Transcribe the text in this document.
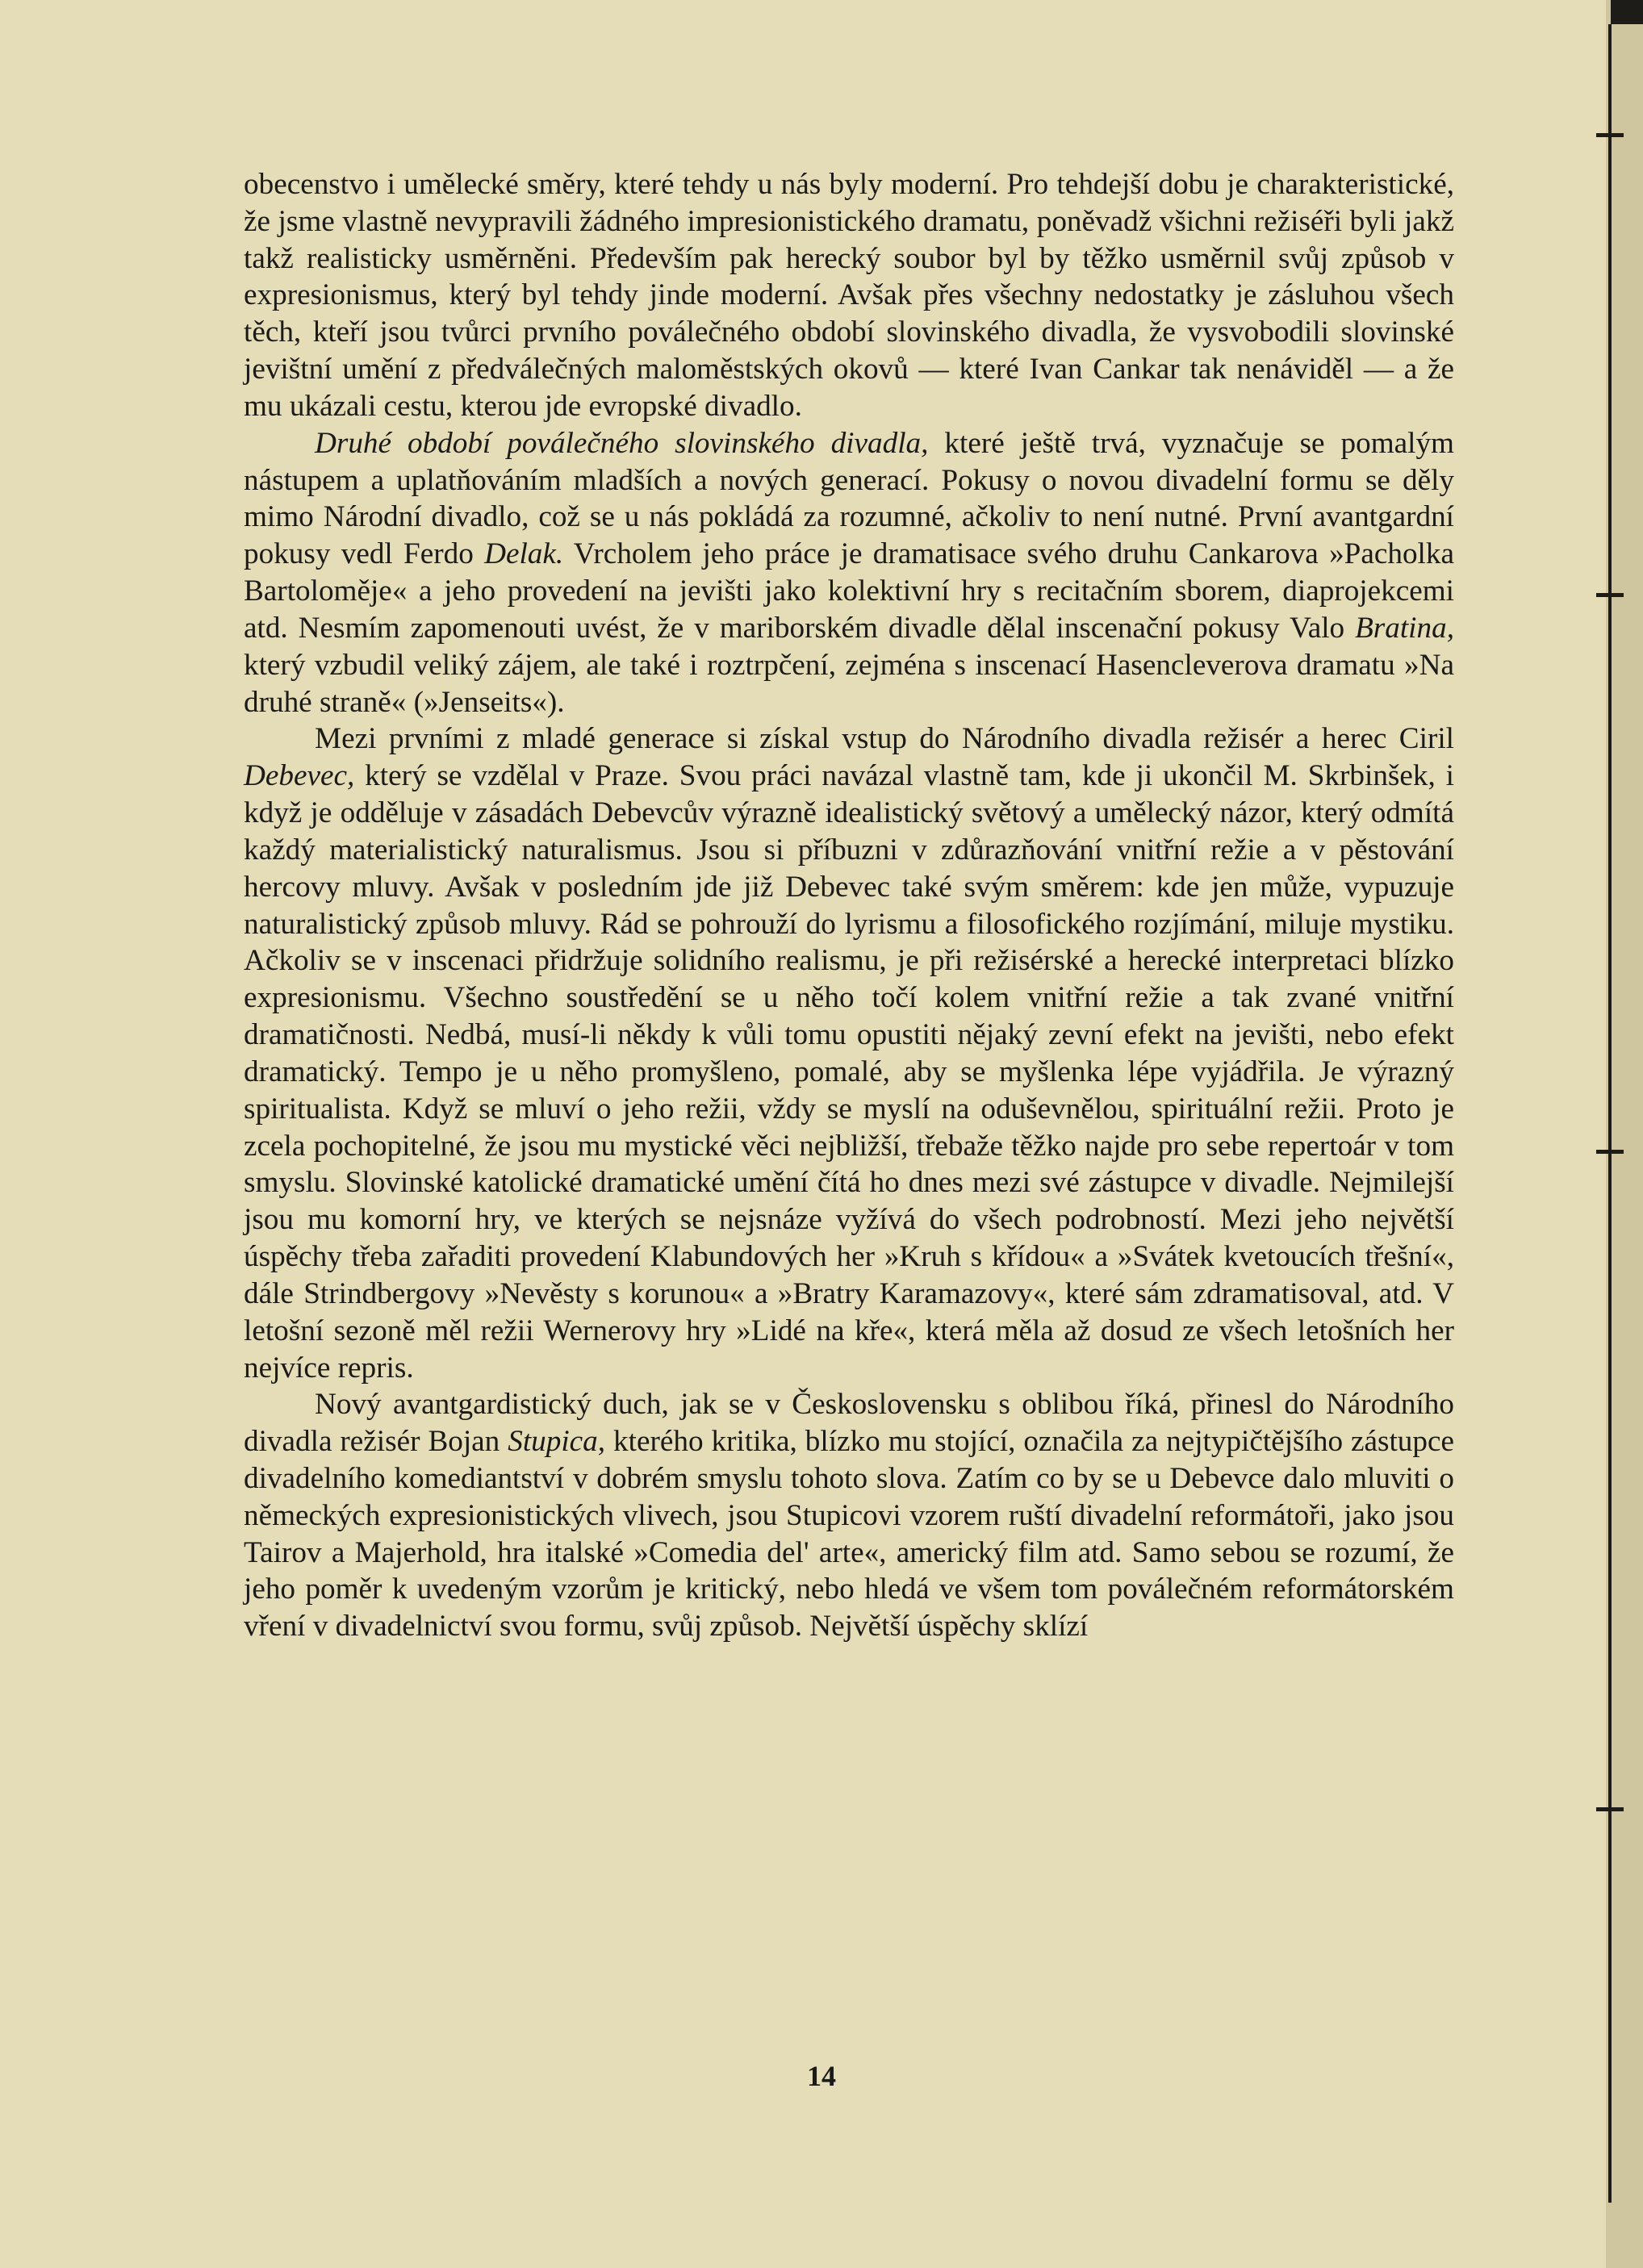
obecenstvo i umělecké směry, které tehdy u nás byly moderní. Pro tehdejší dobu je charakteristické, že jsme vlastně nevypravili žádného impresionistického dramatu, poněvadž všichni režiséři byli jakž takž realisticky usměrněni. Především pak herecký soubor byl by těžko usměrnil svůj způsob v expresionismus, který byl tehdy jinde moderní. Avšak přes všechny nedostatky je zásluhou všech těch, kteří jsou tvůrci prvního poválečného období slovinského divadla, že vysvobodili slovinské jevištní umění z předválečných maloměstských okovů — které Ivan Cankar tak nenáviděl — a že mu ukázali cestu, kterou jde evropské divadlo.

Druhé období poválečného slovinského divadla, které ještě trvá, vyznačuje se pomalým nástupem a uplatňováním mladších a nových generací. Pokusy o novou divadelní formu se děly mimo Národní divadlo, což se u nás pokládá za rozumné, ačkoliv to není nutné. První avantgardní pokusy vedl Ferdo Delak. Vrcholem jeho práce je dramatisace svého druhu Cankarova »Pacholka Bartoloměje« a jeho provedení na jevišti jako kolektivní hry s recitačním sborem, diaprojekcemi atd. Nesmím zapomenouti uvést, že v mariborském divadle dělal inscenační pokusy Valo Bratina, který vzbudil veliký zájem, ale také i roztrpčení, zejména s inscenací Hasencleverova dramatu »Na druhé straně« (»Jenseits«).

Mezi prvními z mladé generace si získal vstup do Národního divadla režisér a herec Ciril Debevec, který se vzdělal v Praze. Svou práci navázal vlastně tam, kde ji ukončil M. Skrbinšek, i když je odděluje v zásadách Debevcův výrazně idealistický světový a umělecký názor, který odmítá každý materialistický naturalismus. Jsou si příbuzni v zdůrazňování vnitřní režie a v pěstování hercovy mluvy. Avšak v posledním jde již Debevec také svým směrem: kde jen může, vypuzuje naturalistický způsob mluvy. Rád se pohrouží do lyrismu a filosofického rozjímání, miluje mystiku. Ačkoliv se v inscenaci přidržuje solidního realismu, je při režisérské a herecké interpretaci blízko expresionismu. Všechno soustředění se u něho točí kolem vnitřní režie a tak zvané vnitřní dramatičnosti. Nedbá, musí-li někdy k vůli tomu opustiti nějaký zevní efekt na jevišti, nebo efekt dramatický. Tempo je u něho promyšleno, pomalé, aby se myšlenka lépe vyjádřila. Je výrazný spiritualista. Když se mluví o jeho režii, vždy se myslí na oduševnělou, spirituální režii. Proto je zcela pochopitelné, že jsou mu mystické věci nejbližší, třebaže těžko najde pro sebe repertoár v tom smyslu. Slovinské katolické dramatické umění čítá ho dnes mezi své zástupce v divadle. Nejmilejší jsou mu komorní hry, ve kterých se nejsnáze vyžívá do všech podrobností. Mezi jeho největší úspěchy třeba zařaditi provedení Klabundových her »Kruh s křídou« a »Svátek kvetoucích třešní«, dále Strindbergovy »Nevěsty s korunou« a »Bratry Karamazovy«, které sám zdramatisoval, atd. V letošní sezoně měl režii Wernerovy hry »Lidé na kře«, která měla až dosud ze všech letošních her nejvíce repris.

Nový avantgardistický duch, jak se v Československu s oblibou říká, přinesl do Národního divadla režisér Bojan Stupica, kterého kritika, blízko mu stojící, označila za nejtypičtějšího zástupce divadelního komediantství v dobrém smyslu tohoto slova. Zatím co by se u Debevce dalo mluviti o německých expresionistických vlivech, jsou Stupicovi vzorem ruští divadelní reformátoři, jako jsou Tairov a Majerhold, hra italské »Comedia del' arte«, americký film atd. Samo sebou se rozumí, že jeho poměr k uvedeným vzorům je kritický, nebo hledá ve všem tom poválečném reformátorském vření v divadelnictví svou formu, svůj způsob. Největší úspěchy sklízí

14
